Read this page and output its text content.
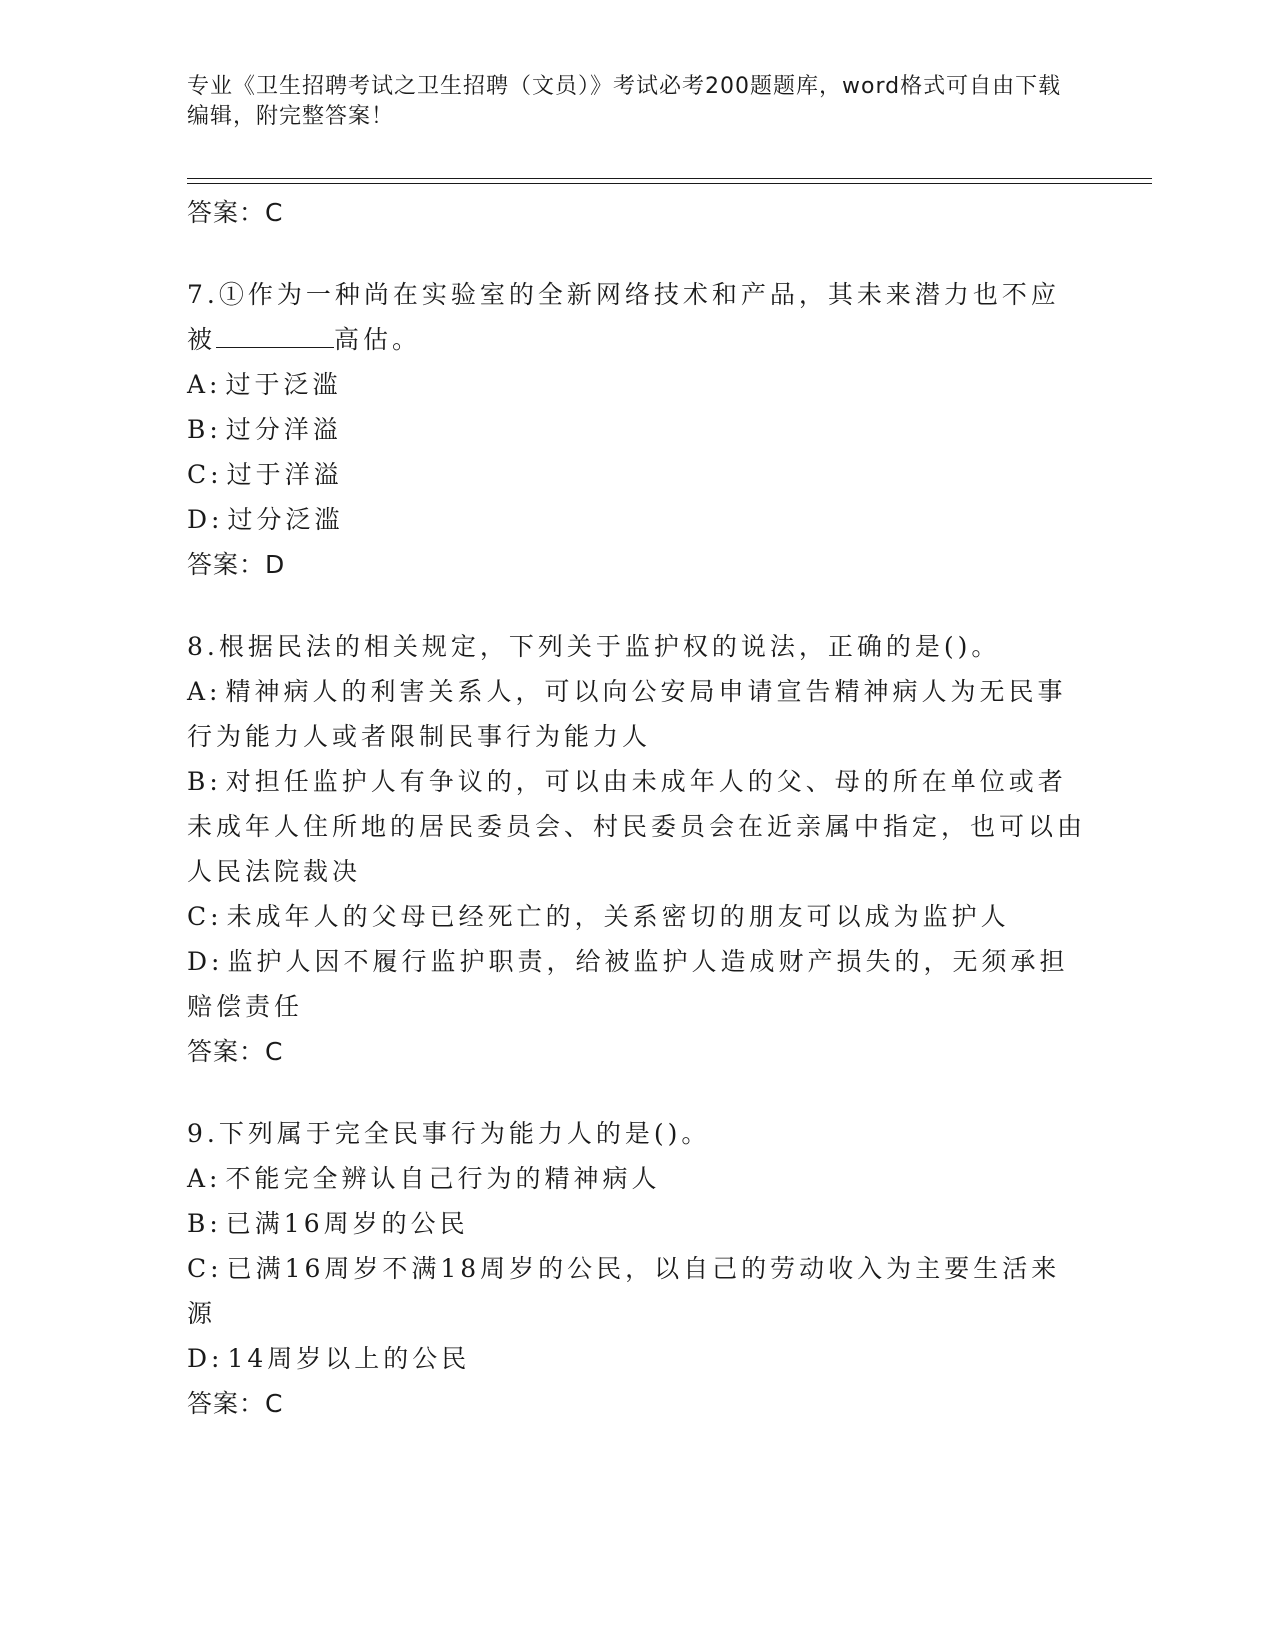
专业《卫生招聘考试之卫生招聘（文员）》考试必考200题题库，word格式可自由下载编辑，附完整答案！

答案：C

7.①作为一种尚在实验室的全新网络技术和产品，其未来潜力也不应被	高估。

A: 过于泛滥

B: 过分洋溢

C: 过于洋溢

D: 过分泛滥

答案：D

8.根据民法的相关规定，下列关于监护权的说法，正确的是()。

A: 精神病人的利害关系人，可以向公安局申请宣告精神病人为无民事行为能力人或者限制民事行为能力人

B: 对担任监护人有争议的，可以由未成年人的父、母的所在单位或者未成年人住所地的居民委员会、村民委员会在近亲属中指定，也可以由人民法院裁决

C: 未成年人的父母已经死亡的，关系密切的朋友可以成为监护人

D: 监护人因不履行监护职责，给被监护人造成财产损失的，无须承担赔偿责任

答案：C

9.下列属于完全民事行为能力人的是()。

A: 不能完全辨认自己行为的精神病人

B: 已满16周岁的公民

C: 已满16周岁不满18周岁的公民，以自己的劳动收入为主要生活来源

D: 14周岁以上的公民

答案：C
